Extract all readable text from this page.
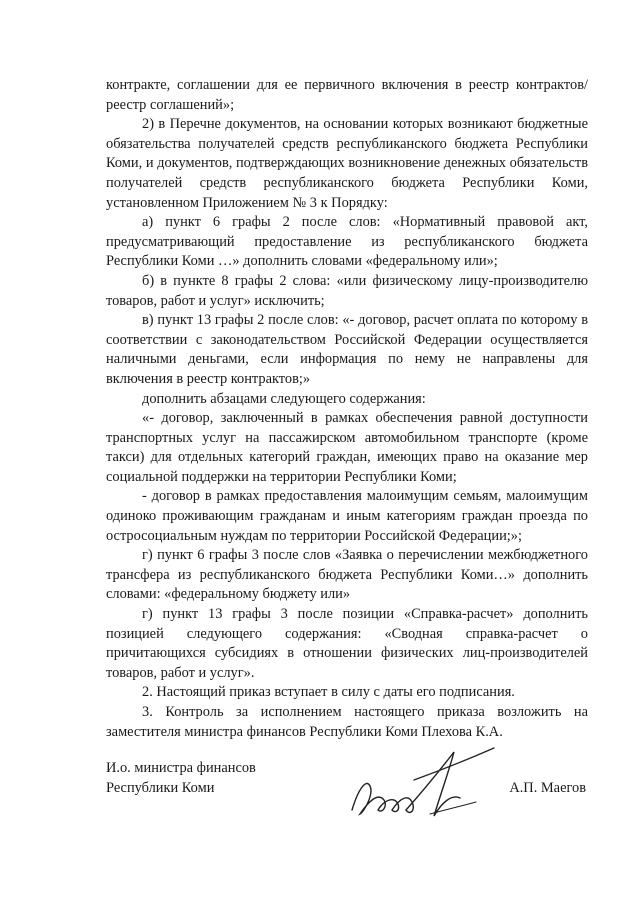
контракте, соглашении для ее первичного включения в реестр контрактов/реестр соглашений»;

2) в Перечне документов, на основании которых возникают бюджетные обязательства получателей средств республиканского бюджета Республики Коми, и документов, подтверждающих возникновение денежных обязательств получателей средств республиканского бюджета Республики Коми, установленном Приложением № 3 к Порядку:

а) пункт 6 графы 2 после слов: «Нормативный правовой акт, предусматривающий предоставление из республиканского бюджета Республики Коми …» дополнить словами «федеральному или»;

б) в пункте 8 графы 2 слова: «или физическому лицу-производителю товаров, работ и услуг» исключить;

в) пункт 13 графы 2 после слов: «- договор, расчет оплата по которому в соответствии с законодательством Российской Федерации осуществляется наличными деньгами, если информация по нему не направлены для включения в реестр контрактов;»

дополнить абзацами следующего содержания:

«- договор, заключенный в рамках обеспечения равной доступности транспортных услуг на пассажирском автомобильном транспорте (кроме такси) для отдельных категорий граждан, имеющих право на оказание мер социальной поддержки на территории Республики Коми;

- договор в рамках предоставления малоимущим семьям, малоимущим одиноко проживающим гражданам и иным категориям граждан проезда по остросоциальным нуждам по территории Российской Федерации;»;

г) пункт 6 графы 3 после слов «Заявка о перечислении межбюджетного трансфера из республиканского бюджета Республики Коми…» дополнить словами: «федеральному бюджету или»

г) пункт 13 графы 3 после позиции «Справка-расчет» дополнить позицией следующего содержания: «Сводная справка-расчет о причитающихся субсидиях в отношении физических лиц-производителей товаров, работ и услуг».

2. Настоящий приказ вступает в силу с даты его подписания.

3. Контроль за исполнением настоящего приказа возложить на заместителя министра финансов Республики Коми Плехова К.А.

И.о. министра финансов
Республики Коми	А.П. Маегов
